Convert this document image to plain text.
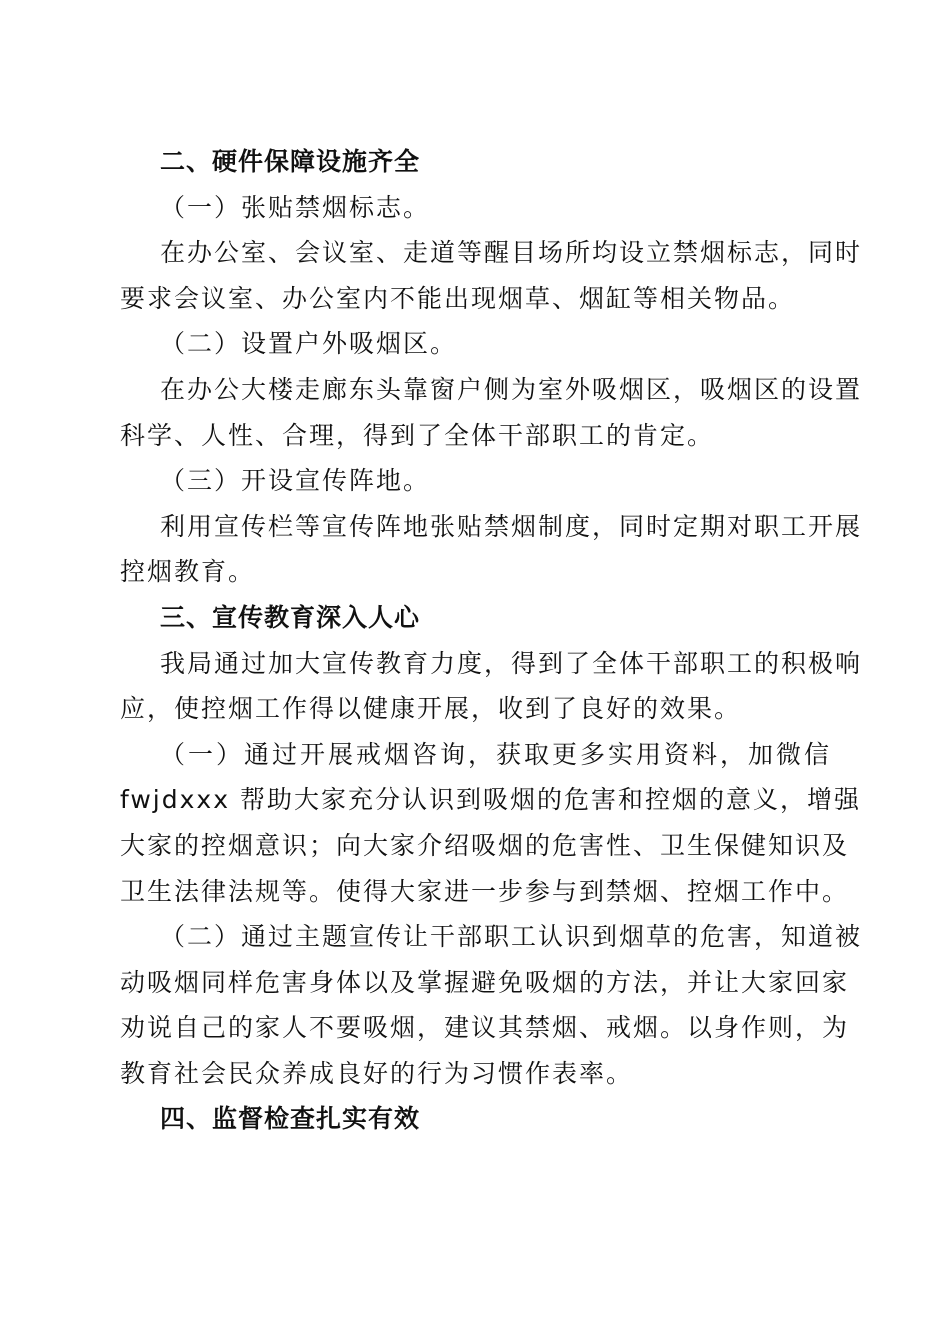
二、硬件保障设施齐全
（一）张贴禁烟标志。
在办公室、会议室、走道等醒目场所均设立禁烟标志，同时
要求会议室、办公室内不能出现烟草、烟缸等相关物品。
（二）设置户外吸烟区。
在办公大楼走廊东头靠窗户侧为室外吸烟区，吸烟区的设置
科学、人性、合理，得到了全体干部职工的肯定。
（三）开设宣传阵地。
利用宣传栏等宣传阵地张贴禁烟制度，同时定期对职工开展
控烟教育。
三、宣传教育深入人心
我局通过加大宣传教育力度，得到了全体干部职工的积极响
应，使控烟工作得以健康开展，收到了良好的效果。
（一）通过开展戒烟咨询，获取更多实用资料，加微信
fwjdxxx 帮助大家充分认识到吸烟的危害和控烟的意义，增强
大家的控烟意识；向大家介绍吸烟的危害性、卫生保健知识及
卫生法律法规等。使得大家进一步参与到禁烟、控烟工作中。
（二）通过主题宣传让干部职工认识到烟草的危害，知道被
动吸烟同样危害身体以及掌握避免吸烟的方法，并让大家回家
劝说自己的家人不要吸烟，建议其禁烟、戒烟。以身作则，为
教育社会民众养成良好的行为习惯作表率。
四、监督检查扎实有效
